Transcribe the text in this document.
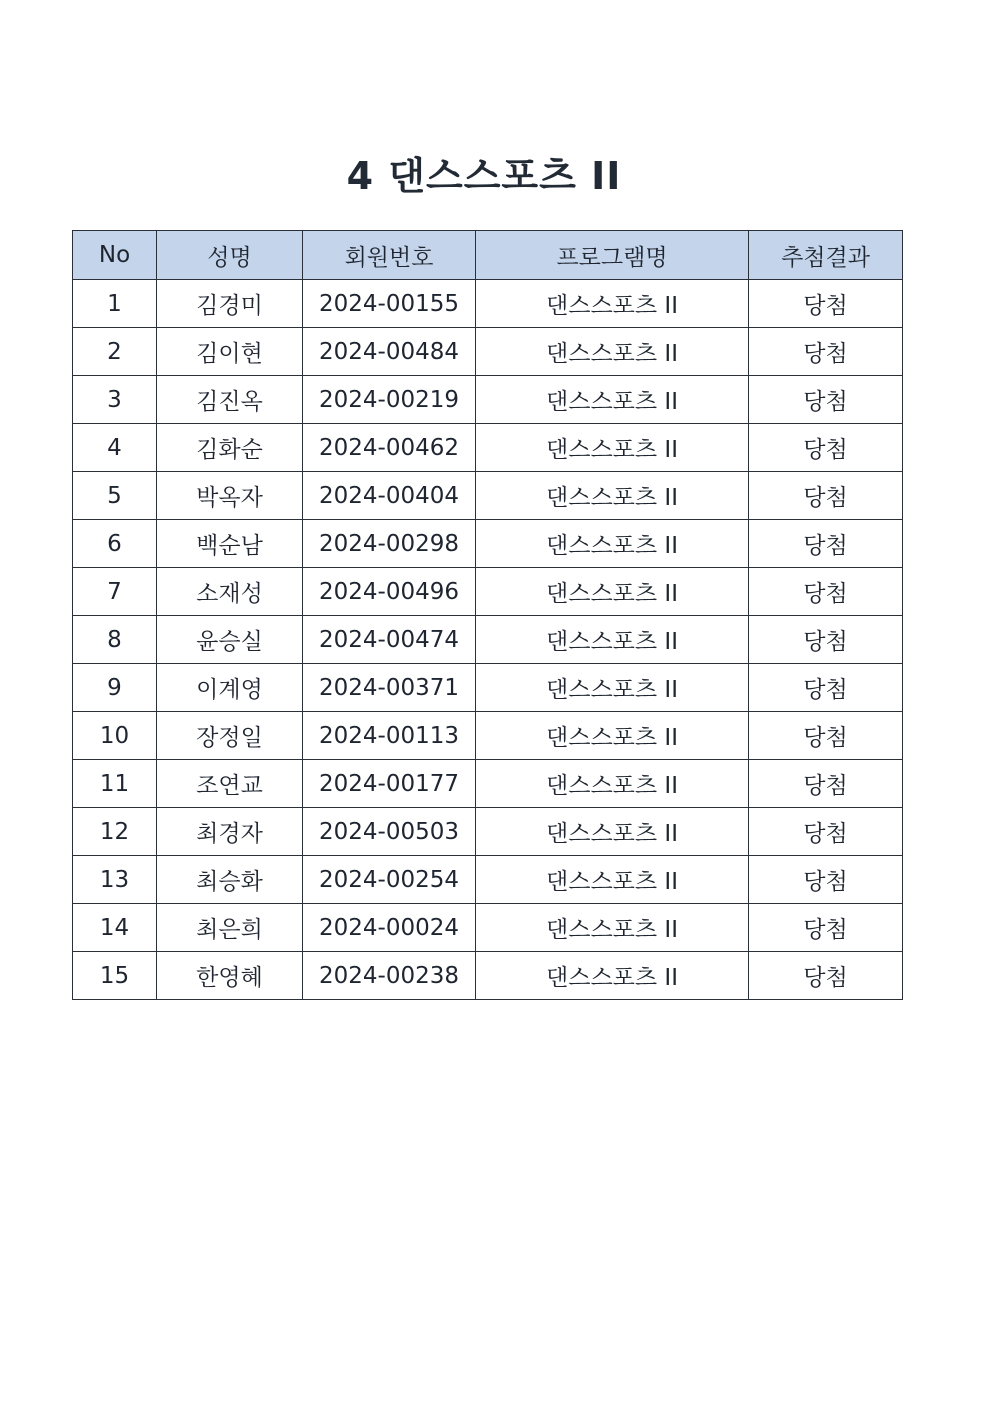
4 댄스스포츠 II
No	성명	회원번호	프로그램명	추첨결과
1	김경미	2024-00155	댄스스포츠 II	당첨
2	김이현	2024-00484	댄스스포츠 II	당첨
3	김진옥	2024-00219	댄스스포츠 II	당첨
4	김화순	2024-00462	댄스스포츠 II	당첨
5	박옥자	2024-00404	댄스스포츠 II	당첨
6	백순남	2024-00298	댄스스포츠 II	당첨
7	소재성	2024-00496	댄스스포츠 II	당첨
8	윤승실	2024-00474	댄스스포츠 II	당첨
9	이계영	2024-00371	댄스스포츠 II	당첨
10	장정일	2024-00113	댄스스포츠 II	당첨
11	조연교	2024-00177	댄스스포츠 II	당첨
12	최경자	2024-00503	댄스스포츠 II	당첨
13	최승화	2024-00254	댄스스포츠 II	당첨
14	최은희	2024-00024	댄스스포츠 II	당첨
15	한영혜	2024-00238	댄스스포츠 II	당첨
